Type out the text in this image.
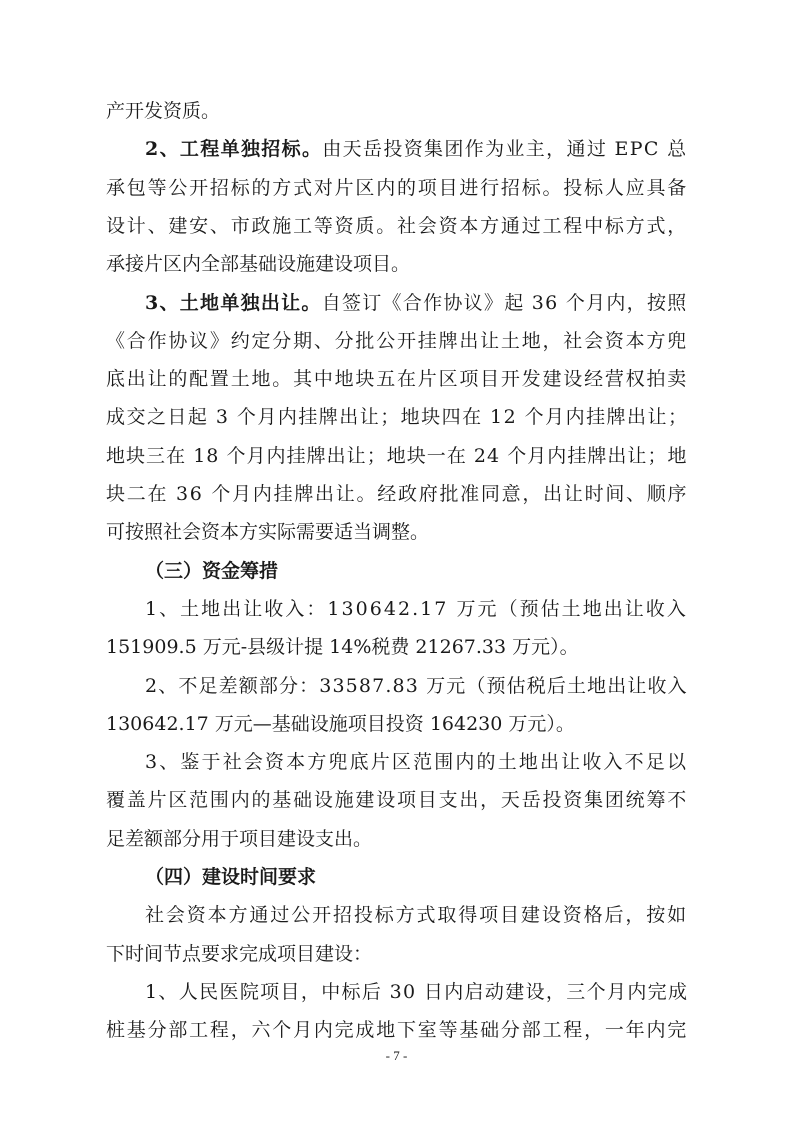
产开发资质。
2、工程单独招标。由天岳投资集团作为业主，通过 EPC 总
承包等公开招标的方式对片区内的项目进行招标。投标人应具备
设计、建安、市政施工等资质。社会资本方通过工程中标方式，
承接片区内全部基础设施建设项目。
3、土地单独出让。自签订《合作协议》起 36 个月内，按照
《合作协议》约定分期、分批公开挂牌出让土地，社会资本方兜
底出让的配置土地。其中地块五在片区项目开发建设经营权拍卖
成交之日起 3 个月内挂牌出让；地块四在 12 个月内挂牌出让；
地块三在 18 个月内挂牌出让；地块一在 24 个月内挂牌出让；地
块二在 36 个月内挂牌出让。经政府批准同意，出让时间、顺序
可按照社会资本方实际需要适当调整。
（三）资金筹措
1、土地出让收入：130642.17 万元（预估土地出让收入
151909.5 万元-县级计提 14%税费 21267.33 万元）。
2、不足差额部分：33587.83 万元（预估税后土地出让收入
130642.17 万元—基础设施项目投资 164230 万元）。
3、鉴于社会资本方兜底片区范围内的土地出让收入不足以
覆盖片区范围内的基础设施建设项目支出，天岳投资集团统筹不
足差额部分用于项目建设支出。
（四）建设时间要求
社会资本方通过公开招投标方式取得项目建设资格后，按如
下时间节点要求完成项目建设：
1、人民医院项目，中标后 30 日内启动建设，三个月内完成
桩基分部工程，六个月内完成地下室等基础分部工程，一年内完
- 7 -
